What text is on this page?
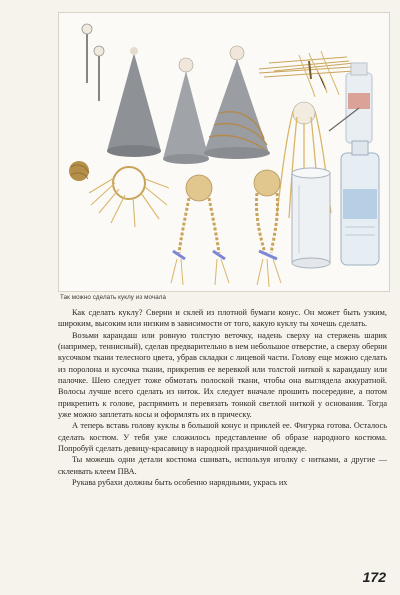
Так можно сделать куклу из мочала

Как сделать куклу? Сверни и склей из плотной бумаги конус. Он может быть узким, широким, высоким или низким в зависимости от того, какую куклу ты хочешь сделать.

Возьми карандаш или ровную толстую веточку, надень сверху на стержень шарик (например, теннисный), сделав предварительно в нем небольшое отверстие, а сверху оберни кусочком ткани телесного цвета, убрав складки с лицевой части. Голову еще можно сделать из поролона и кусочка ткани, прикрепив ее веревкой или толстой ниткой к карандашу или палочке. Шею следует тоже обмотать полоской ткани, чтобы она выглядела аккуратной. Волосы лучше всего сделать из ниток. Их следует вначале прошить посередине, а потом прикрепить к голове, распрямить и перевязать тонкой светлой ниткой у основания. Тогда уже можно заплетать косы и оформлять их в прическу.

А теперь вставь голову куклы в большой конус и приклей ее. Фигурка готова. Осталось сделать костюм. У тебя уже сложилось представление об образе народного костюма. Попробуй сделать девицу-красавицу в народной праздничной одежде.

Ты можешь одни детали костюма сшивать, используя иголку с нитками, а другие — склеивать клеем ПВА.

Рукава рубахи должны быть особенно нарядными, укрась их

172
